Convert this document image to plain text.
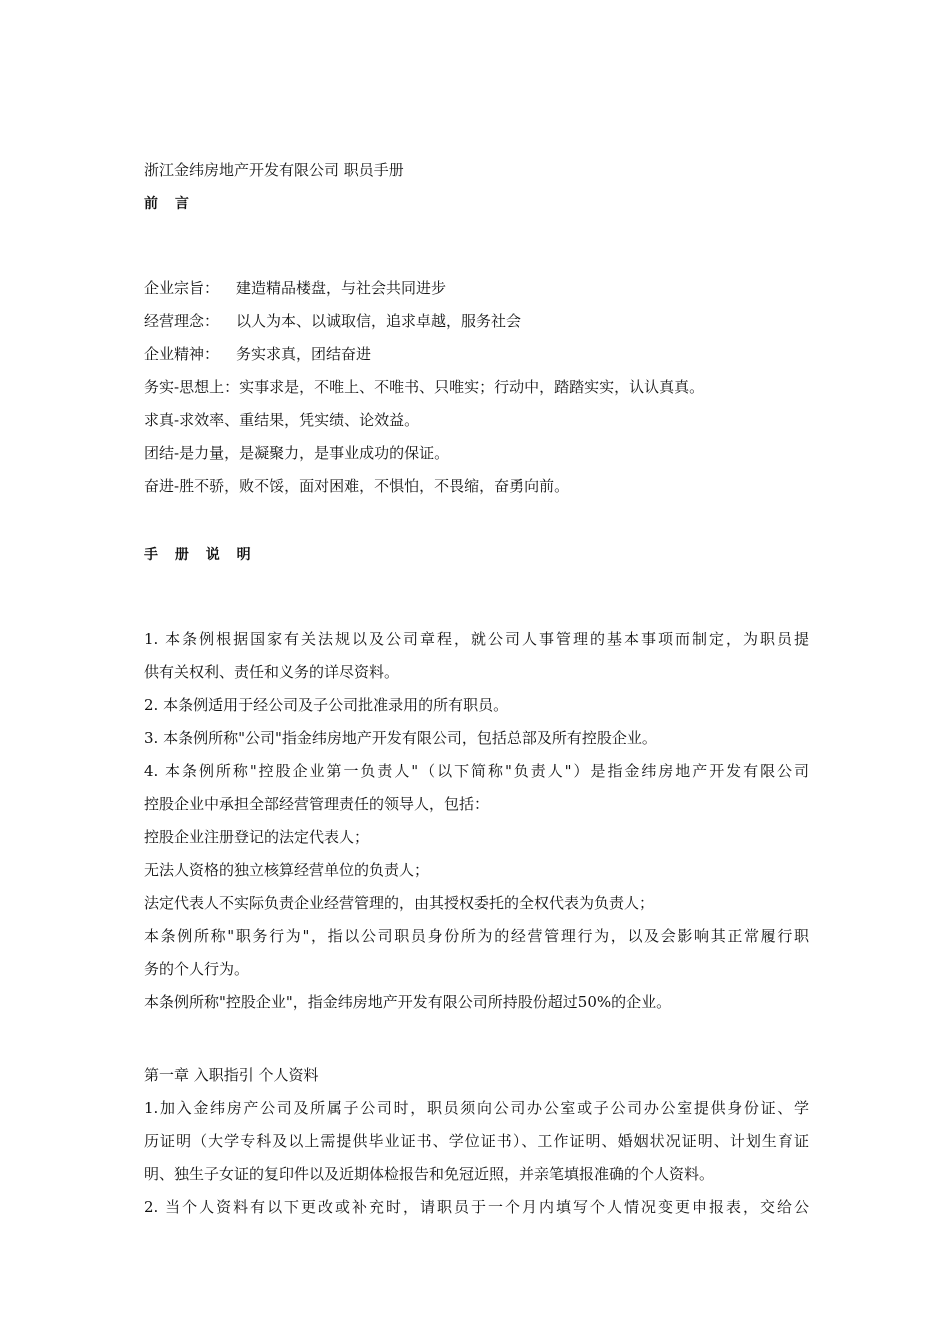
浙江金纬房地产开发有限公司 职员手册

前 言

企业宗旨： 建造精品楼盘，与社会共同进步

经营理念： 以人为本、以诚取信，追求卓越，服务社会

企业精神： 务实求真，团结奋进

务实-思想上：实事求是，不唯上、不唯书、只唯实；行动中，踏踏实实，认认真真。

求真-求效率、重结果，凭实绩、论效益。

团结-是力量，是凝聚力，是事业成功的保证。

奋进-胜不骄，败不馁，面对困难，不惧怕，不畏缩，奋勇向前。

手 册 说 明

1. 本条例根据国家有关法规以及公司章程，就公司人事管理的基本事项而制定，为职员提

供有关权利、责任和义务的详尽资料。

2. 本条例适用于经公司及子公司批准录用的所有职员。

3. 本条例所称"公司"指金纬房地产开发有限公司，包括总部及所有控股企业。

4. 本条例所称"控股企业第一负责人"（以下简称"负责人"）是指金纬房地产开发有限公司

控股企业中承担全部经营管理责任的领导人，包括：

控股企业注册登记的法定代表人；

无法人资格的独立核算经营单位的负责人；

法定代表人不实际负责企业经营管理的，由其授权委托的全权代表为负责人；

本条例所称"职务行为"，指以公司职员身份所为的经营管理行为，以及会影响其正常履行职

务的个人行为。

本条例所称"控股企业"，指金纬房地产开发有限公司所持股份超过50%的企业。

第一章 入职指引 个人资料

1.加入金纬房产公司及所属子公司时，职员须向公司办公室或子公司办公室提供身份证、学

历证明（大学专科及以上需提供毕业证书、学位证书）、工作证明、婚姻状况证明、计划生育证

明、独生子女证的复印件以及近期体检报告和免冠近照，并亲笔填报准确的个人资料。

2. 当个人资料有以下更改或补充时，请职员于一个月内填写个人情况变更申报表，交给公
